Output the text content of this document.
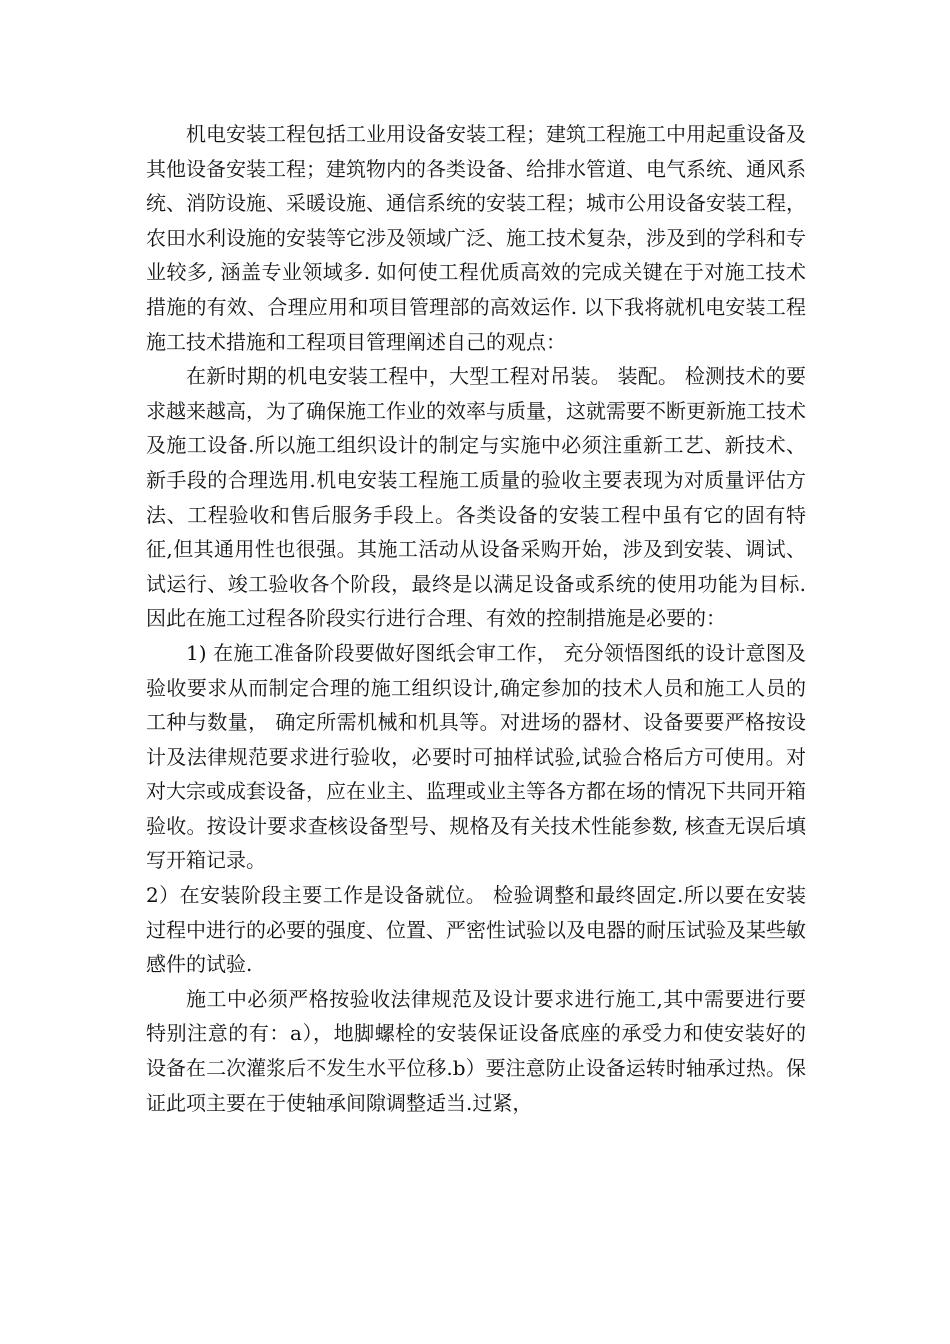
机电安装工程包括工业用设备安装工程；建筑工程施工中用起重设备及其他设备安装工程；建筑物内的各类设备、给排水管道、电气系统、通风系统、消防设施、采暖设施、通信系统的安装工程；城市公用设备安装工程，农田水利设施的安装等它涉及领域广泛、施工技术复杂，涉及到的学科和专业较多, 涵盖专业领域多. 如何使工程优质高效的完成关键在于对施工技术措施的有效、合理应用和项目管理部的高效运作. 以下我将就机电安装工程施工技术措施和工程项目管理阐述自己的观点：

在新时期的机电安装工程中，大型工程对吊装。 装配。 检测技术的要求越来越高，为了确保施工作业的效率与质量，这就需要不断更新施工技术及施工设备.所以施工组织设计的制定与实施中必须注重新工艺、新技术、新手段的合理选用.机电安装工程施工质量的验收主要表现为对质量评估方法、工程验收和售后服务手段上。各类设备的安装工程中虽有它的固有特征,但其通用性也很强。其施工活动从设备采购开始，涉及到安装、调试、试运行、竣工验收各个阶段，最终是以满足设备或系统的使用功能为目标.因此在施工过程各阶段实行进行合理、有效的控制措施是必要的：

1) 在施工准备阶段要做好图纸会审工作， 充分领悟图纸的设计意图及验收要求从而制定合理的施工组织设计,确定参加的技术人员和施工人员的工种与数量， 确定所需机械和机具等。对进场的器材、设备要要严格按设计及法律规范要求进行验收，必要时可抽样试验,试验合格后方可使用。对对大宗或成套设备，应在业主、监理或业主等各方都在场的情况下共同开箱验收。按设计要求查核设备型号、规格及有关技术性能参数, 核查无误后填写开箱记录。

2）在安装阶段主要工作是设备就位。 检验调整和最终固定.所以要在安装过程中进行的必要的强度、位置、严密性试验以及电器的耐压试验及某些敏感件的试验.

施工中必须严格按验收法律规范及设计要求进行施工,其中需要进行要特别注意的有：a），地脚螺栓的安装保证设备底座的承受力和使安装好的设备在二次灌浆后不发生水平位移.b）要注意防止设备运转时轴承过热。保证此项主要在于使轴承间隙调整适当.过紧，
